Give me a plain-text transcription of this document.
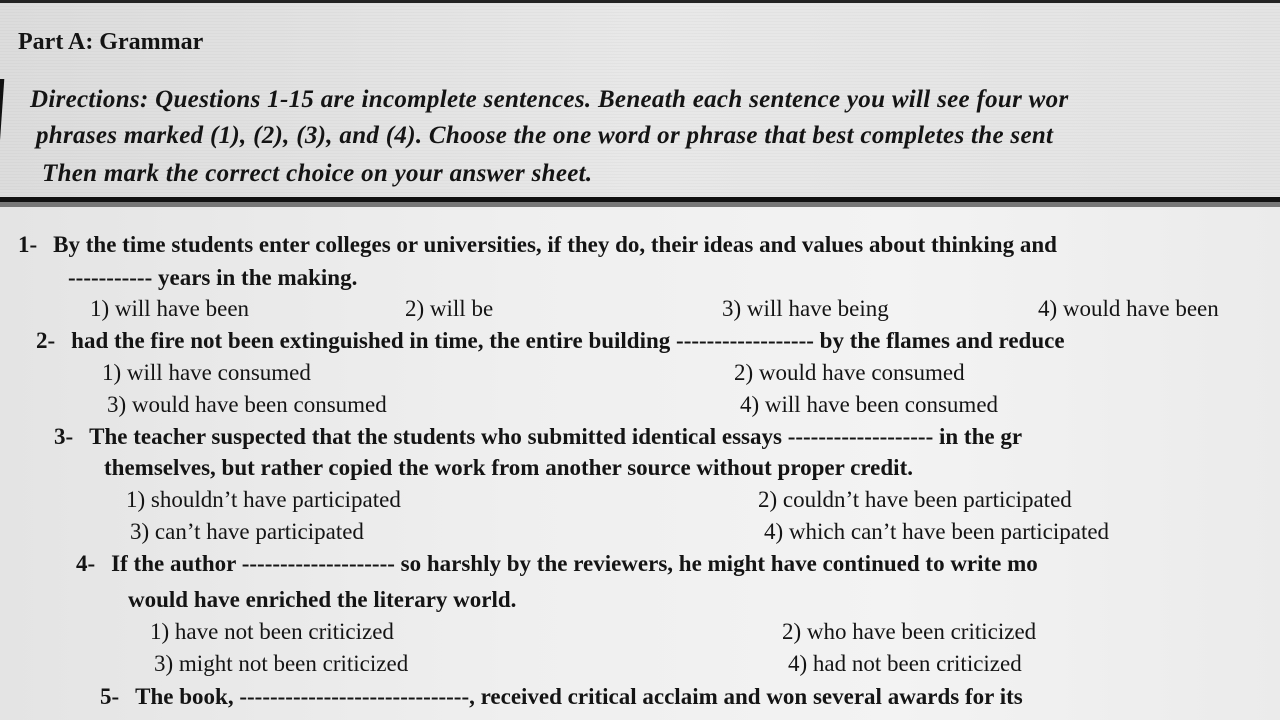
Part A: Grammar
Directions: Questions 1-15 are incomplete sentences. Beneath each sentence you will see four wor
phrases marked (1), (2), (3), and (4). Choose the one word or phrase that best completes the sent
Then mark the correct choice on your answer sheet.
1- By the time students enter colleges or universities, if they do, their ideas and values about thinking and
----------- years in the making.
1) will have been	2) will be	3) will have being	4) would have been
2- had the fire not been extinguished in time, the entire building ------------------ by the flames and reduce
1) will have consumed	2) would have consumed
3) would have been consumed	4) will have been consumed
3- The teacher suspected that the students who submitted identical essays ------------------- in the gr
themselves, but rather copied the work from another source without proper credit.
1) shouldn’t have participated	2) couldn’t have been participated
3) can’t have participated	4) which can’t have been participated
4- If the author -------------------- so harshly by the reviewers, he might have continued to write mo
would have enriched the literary world.
1) have not been criticized	2) who have been criticized
3) might not been criticized	4) had not been criticized
5- The book, ------------------------------, received critical acclaim and won several awards for its
